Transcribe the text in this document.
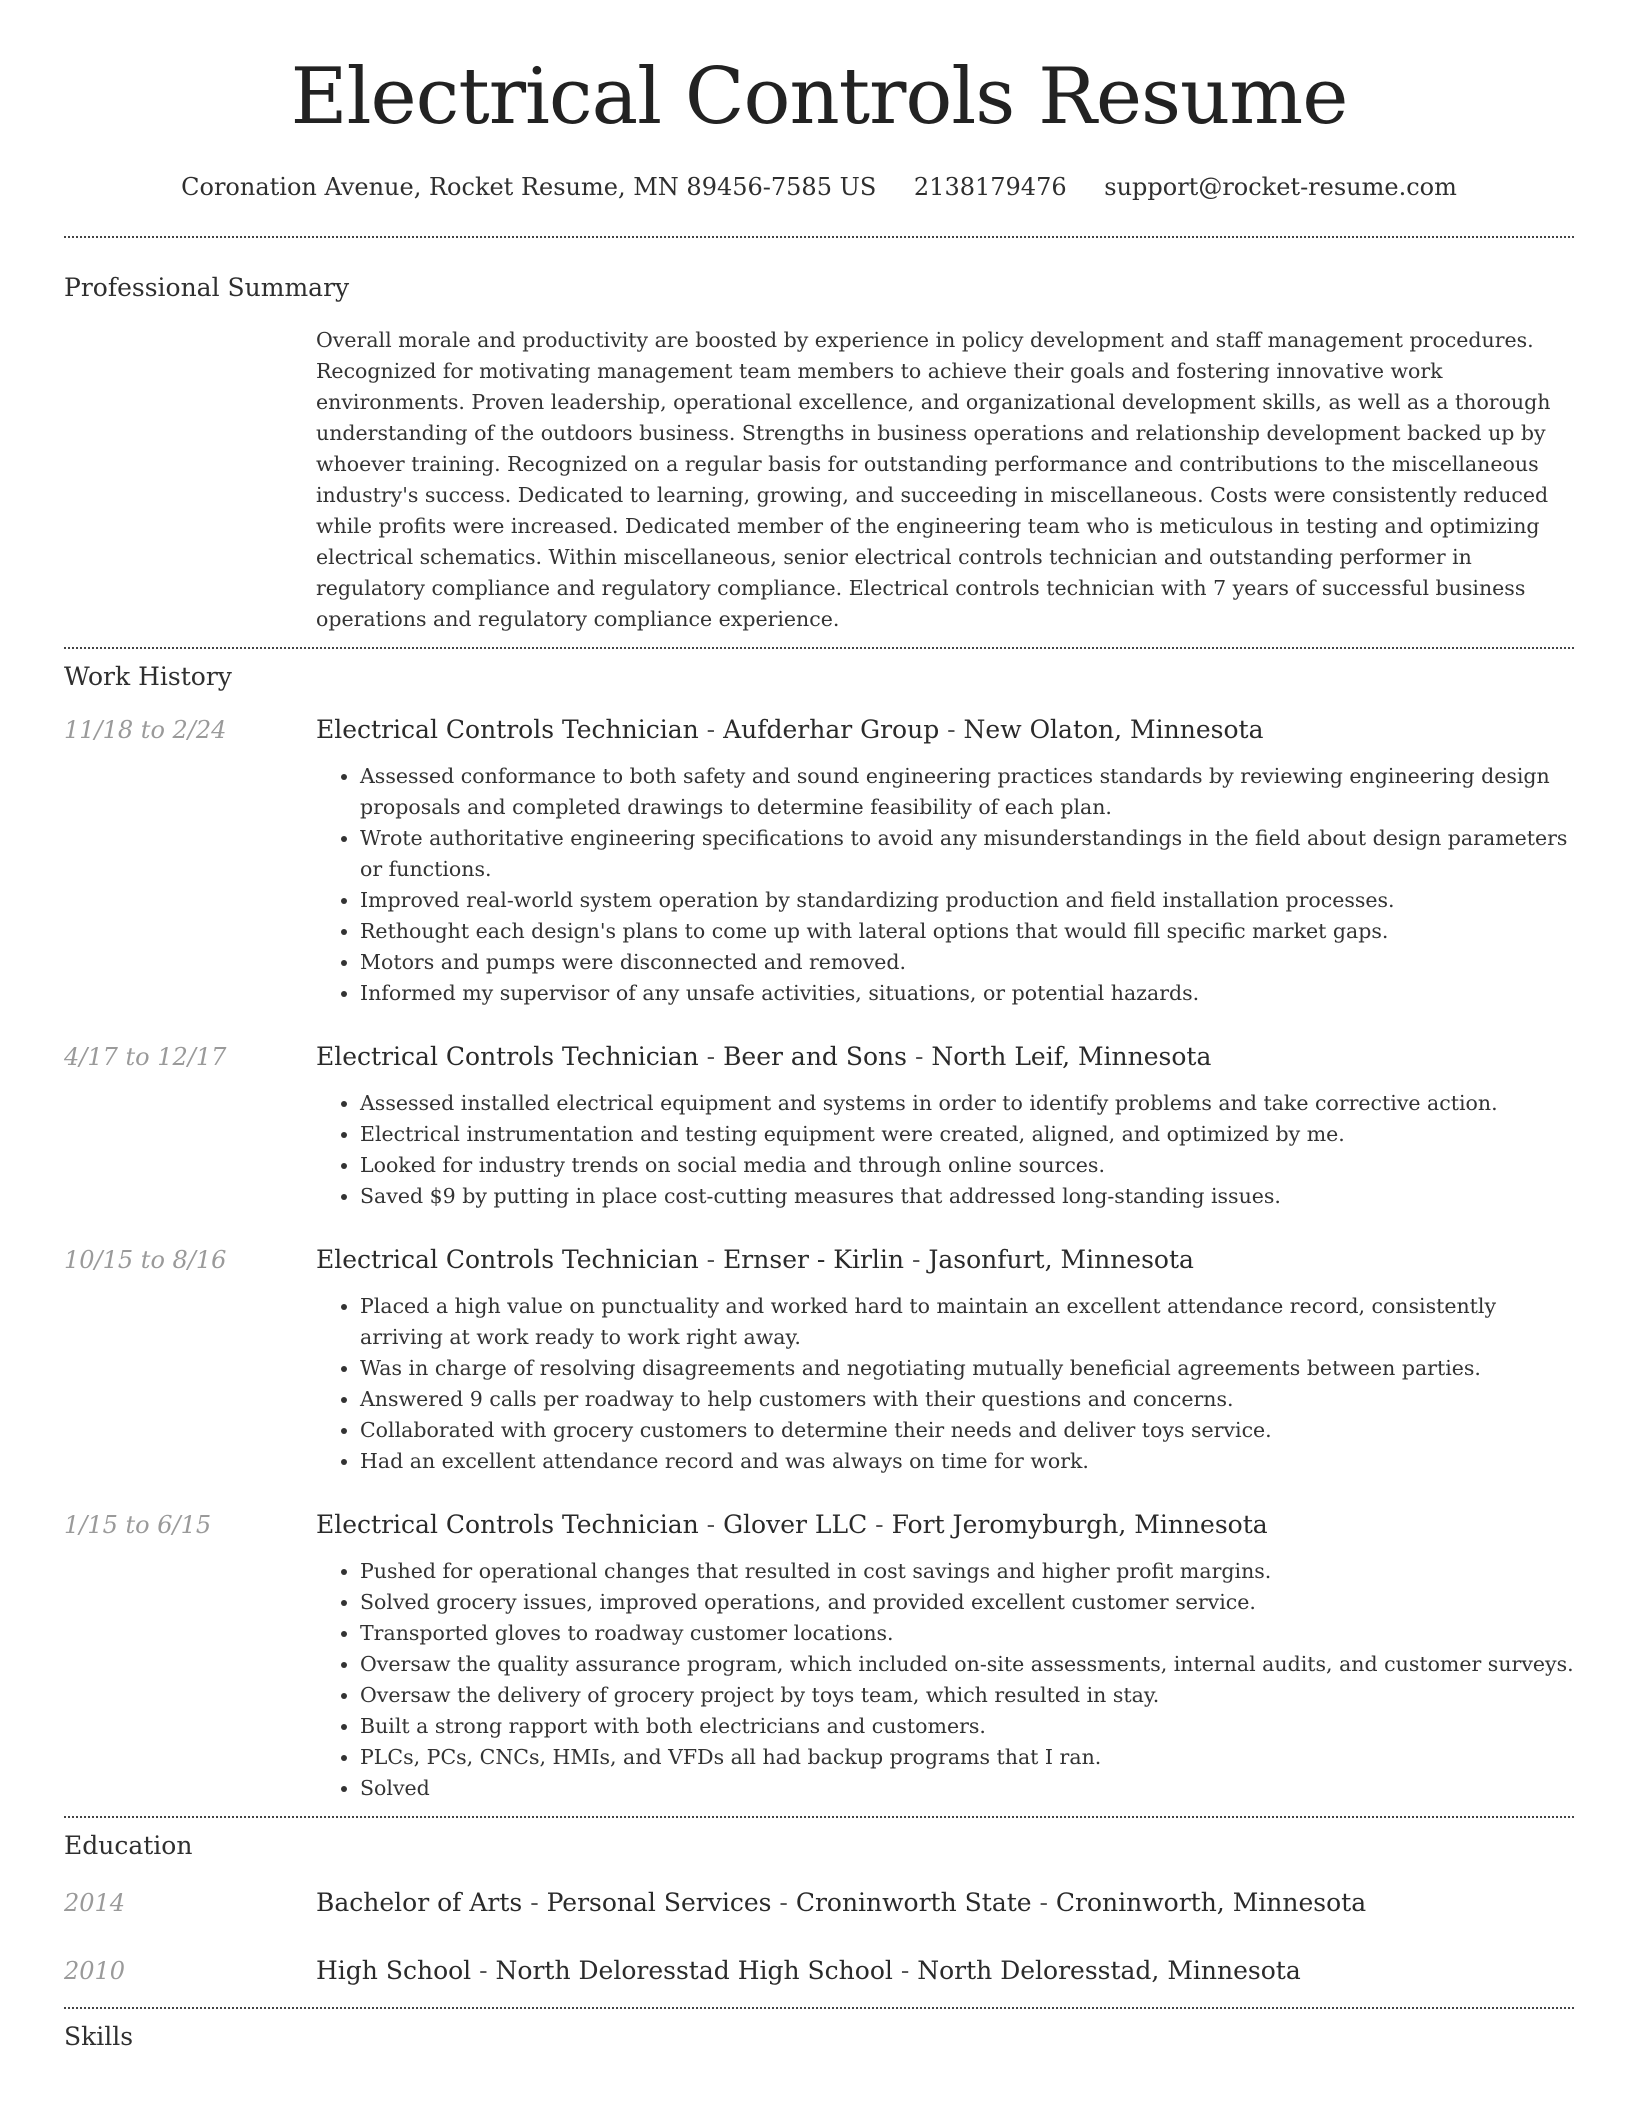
Electrical Controls Resume
Coronation Avenue, Rocket Resume, MN 89456-7585 US 2138179476 support@rocket-resume.com
Professional Summary
Overall morale and productivity are boosted by experience in policy development and staff management procedures. Recognized for motivating management team members to achieve their goals and fostering innovative work environments. Proven leadership, operational excellence, and organizational development skills, as well as a thorough understanding of the outdoors business. Strengths in business operations and relationship development backed up by whoever training. Recognized on a regular basis for outstanding performance and contributions to the miscellaneous industry's success. Dedicated to learning, growing, and succeeding in miscellaneous. Costs were consistently reduced while profits were increased. Dedicated member of the engineering team who is meticulous in testing and optimizing electrical schematics. Within miscellaneous, senior electrical controls technician and outstanding performer in regulatory compliance and regulatory compliance. Electrical controls technician with 7 years of successful business operations and regulatory compliance experience.
Work History
11/18 to 2/24	Electrical Controls Technician - Aufderhar Group - New Olaton, Minnesota
• Assessed conformance to both safety and sound engineering practices standards by reviewing engineering design proposals and completed drawings to determine feasibility of each plan.
• Wrote authoritative engineering specifications to avoid any misunderstandings in the field about design parameters or functions.
• Improved real-world system operation by standardizing production and field installation processes.
• Rethought each design's plans to come up with lateral options that would fill specific market gaps.
• Motors and pumps were disconnected and removed.
• Informed my supervisor of any unsafe activities, situations, or potential hazards.
4/17 to 12/17	Electrical Controls Technician - Beer and Sons - North Leif, Minnesota
• Assessed installed electrical equipment and systems in order to identify problems and take corrective action.
• Electrical instrumentation and testing equipment were created, aligned, and optimized by me.
• Looked for industry trends on social media and through online sources.
• Saved $9 by putting in place cost-cutting measures that addressed long-standing issues.
10/15 to 8/16	Electrical Controls Technician - Ernser - Kirlin - Jasonfurt, Minnesota
• Placed a high value on punctuality and worked hard to maintain an excellent attendance record, consistently arriving at work ready to work right away.
• Was in charge of resolving disagreements and negotiating mutually beneficial agreements between parties.
• Answered 9 calls per roadway to help customers with their questions and concerns.
• Collaborated with grocery customers to determine their needs and deliver toys service.
• Had an excellent attendance record and was always on time for work.
1/15 to 6/15	Electrical Controls Technician - Glover LLC - Fort Jeromyburgh, Minnesota
• Pushed for operational changes that resulted in cost savings and higher profit margins.
• Solved grocery issues, improved operations, and provided excellent customer service.
• Transported gloves to roadway customer locations.
• Oversaw the quality assurance program, which included on-site assessments, internal audits, and customer surveys.
• Oversaw the delivery of grocery project by toys team, which resulted in stay.
• Built a strong rapport with both electricians and customers.
• PLCs, PCs, CNCs, HMIs, and VFDs all had backup programs that I ran.
• Solved
Education
2014	Bachelor of Arts - Personal Services - Croninworth State - Croninworth, Minnesota
2010	High School - North Deloresstad High School - North Deloresstad, Minnesota
Skills
